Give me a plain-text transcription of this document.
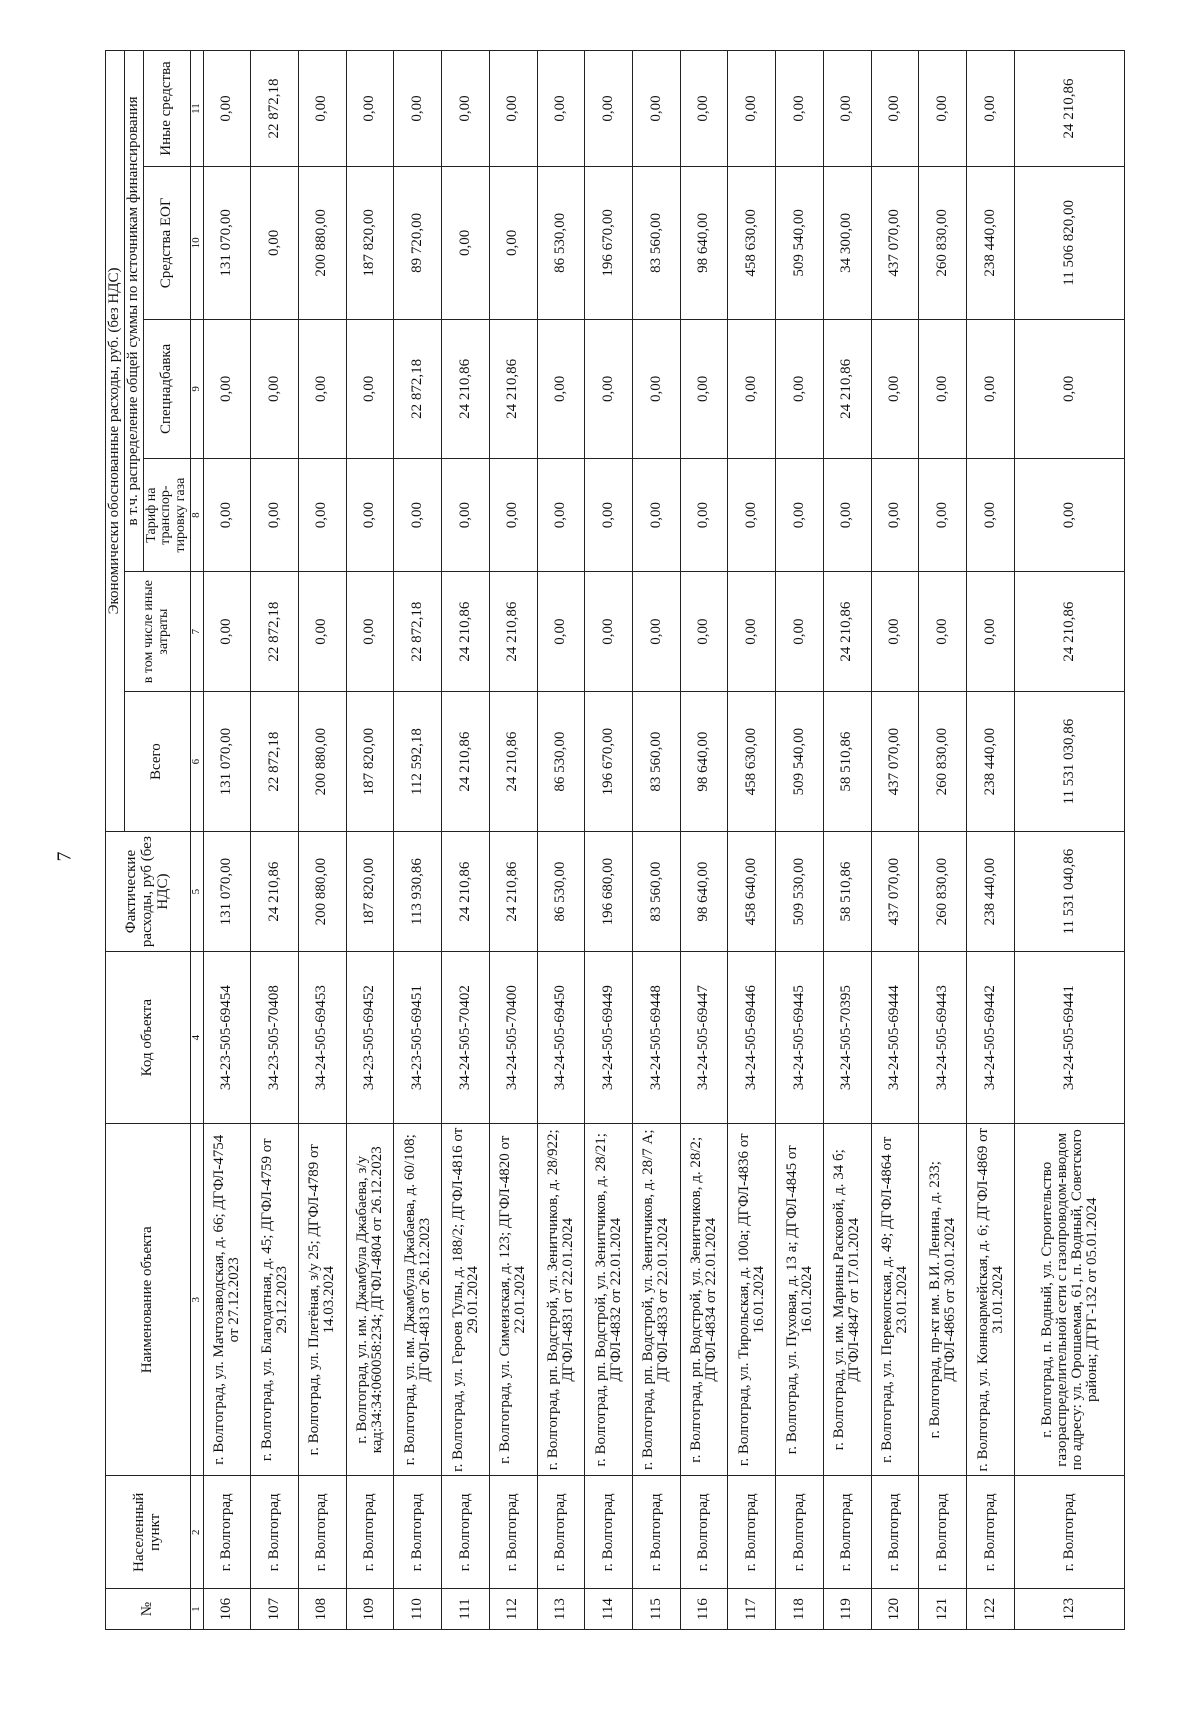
7
№	Населенный пункт	Наименование объекта	Код объекта	Фактические расходы, руб (без НДС)	Экономически обоснованные расходы, руб. (без НДС)					
					Всего	в том числе иные затраты	в т.ч. распределение общей суммы по источникам финансирования			
							Тариф на транспор-тировку газа	Спецнадбавка	Средства ЕОГ	Иные средства
1	2	3	4	5	6	7	8	9	10	11
106	г. Волгоград	г. Волгоград, ул. Мачтозаводская, д. 66; ДГФЛ-4754 от 27.12.2023	34-23-505-69454	131 070,00	131 070,00	0,00	0,00	0,00	131 070,00	0,00
107	г. Волгоград	г. Волгоград, ул. Благодатная, д. 45; ДГФЛ-4759 от 29.12.2023	34-23-505-70408	24 210,86	22 872,18	22 872,18	0,00	0,00	0,00	22 872,18
108	г. Волгоград	г. Волгоград, ул. Плетёная, з/у 25; ДГФЛ-4789 от 14.03.2024	34-24-505-69453	200 880,00	200 880,00	0,00	0,00	0,00	200 880,00	0,00
109	г. Волгоград	г. Волгоград, ул. им. Джамбула Джабаева, з/у кад:34:34:060058:234; ДГФЛ-4804 от 26.12.2023	34-23-505-69452	187 820,00	187 820,00	0,00	0,00	0,00	187 820,00	0,00
110	г. Волгоград	г. Волгоград, ул. им. Джамбула Джабаева, д. 60/108; ДГФЛ-4813 от 26.12.2023	34-23-505-69451	113 930,86	112 592,18	22 872,18	0,00	22 872,18	89 720,00	0,00
111	г. Волгоград	г. Волгоград, ул. Героев Тулы, д. 188/2; ДГФЛ-4816 от 29.01.2024	34-24-505-70402	24 210,86	24 210,86	24 210,86	0,00	24 210,86	0,00	0,00
112	г. Волгоград	г. Волгоград, ул. Симеизская, д. 123; ДГФЛ-4820 от 22.01.2024	34-24-505-70400	24 210,86	24 210,86	24 210,86	0,00	24 210,86	0,00	0,00
113	г. Волгоград	г. Волгоград, рп. Водстрой, ул. Зенитчиков, д. 28/922; ДГФЛ-4831 от 22.01.2024	34-24-505-69450	86 530,00	86 530,00	0,00	0,00	0,00	86 530,00	0,00
114	г. Волгоград	г. Волгоград, рп. Водстрой, ул. Зенитчиков, д. 28/21; ДГФЛ-4832 от 22.01.2024	34-24-505-69449	196 680,00	196 670,00	0,00	0,00	0,00	196 670,00	0,00
115	г. Волгоград	г. Волгоград, рп. Водстрой, ул. Зенитчиков, д. 28/7 А; ДГФЛ-4833 от 22.01.2024	34-24-505-69448	83 560,00	83 560,00	0,00	0,00	0,00	83 560,00	0,00
116	г. Волгоград	г. Волгоград, рп. Водстрой, ул. Зенитчиков, д. 28/2; ДГФЛ-4834 от 22.01.2024	34-24-505-69447	98 640,00	98 640,00	0,00	0,00	0,00	98 640,00	0,00
117	г. Волгоград	г. Волгоград, ул. Тирольская, д. 100а; ДГФЛ-4836 от 16.01.2024	34-24-505-69446	458 640,00	458 630,00	0,00	0,00	0,00	458 630,00	0,00
118	г. Волгоград	г. Волгоград, ул. Пуховая, д. 13 а; ДГФЛ-4845 от 16.01.2024	34-24-505-69445	509 530,00	509 540,00	0,00	0,00	0,00	509 540,00	0,00
119	г. Волгоград	г. Волгоград, ул. им. Марины Расковой, д. 34 б; ДГФЛ-4847 от 17.01.2024	34-24-505-70395	58 510,86	58 510,86	24 210,86	0,00	24 210,86	34 300,00	0,00
120	г. Волгоград	г. Волгоград, ул. Перекопская, д. 49; ДГФЛ-4864 от 23.01.2024	34-24-505-69444	437 070,00	437 070,00	0,00	0,00	0,00	437 070,00	0,00
121	г. Волгоград	г. Волгоград, пр-кт им. В.И. Ленина, д. 233; ДГФЛ-4865 от 30.01.2024	34-24-505-69443	260 830,00	260 830,00	0,00	0,00	0,00	260 830,00	0,00
122	г. Волгоград	г. Волгоград, ул. Коннoармейская, д. 6; ДГФЛ-4869 от 31.01.2024	34-24-505-69442	238 440,00	238 440,00	0,00	0,00	0,00	238 440,00	0,00
123	г. Волгоград	г. Волгоград, п. Водный, ул. Строительство газораспределительной сети с газопроводом-вводом по адресу: ул. Орошаемая, 61, п. Водный, Советского района; ДГРГ-132 от 05.01.2024	34-24-505-69441	11 531 040,86	11 531 030,86	24 210,86	0,00	0,00	11 506 820,00	24 210,86
